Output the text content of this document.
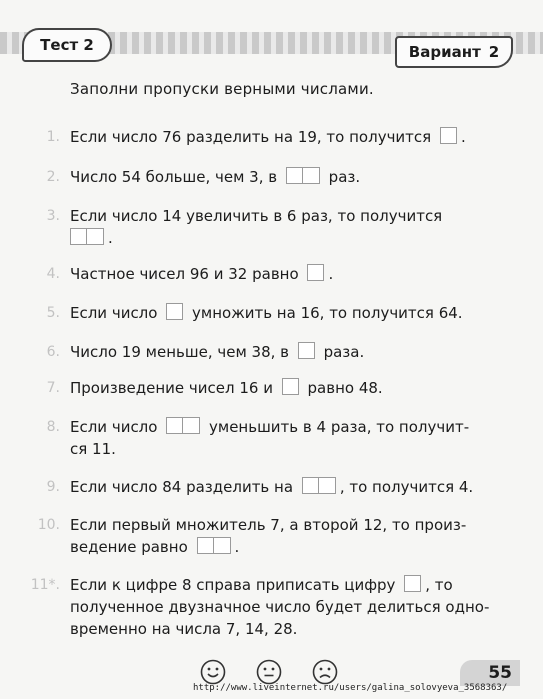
Тест 2	Вариант 2
Заполни пропуски верными числами.
1. Если число 76 разделить на 19, то получится .
2. Число 54 больше, чем 3, в	раз.
3. Если число 14 увеличить в 6 раз, то получится
.
4. Частное чисел 96 и 32 равно .
5. Если число умножить на 16, то получится 64.
6. Число 19 меньше, чем 38, в раза.
7. Произведение чисел 16 и равно 48.
8. Если число	уменьшить в 4 раза, то получит-
ся 11.
9. Если число 84 разделить на	, то получится 4.
10. Если первый множитель 7, а второй 12, то произ-
ведение равно	.
11*. Если к цифре 8 справа приписать цифру , то
полученное двузначное число будет делиться одно-
временно на числа 7, 14, 28.
55
http://www.liveinternet.ru/users/galina_solovyeva_3568363/
